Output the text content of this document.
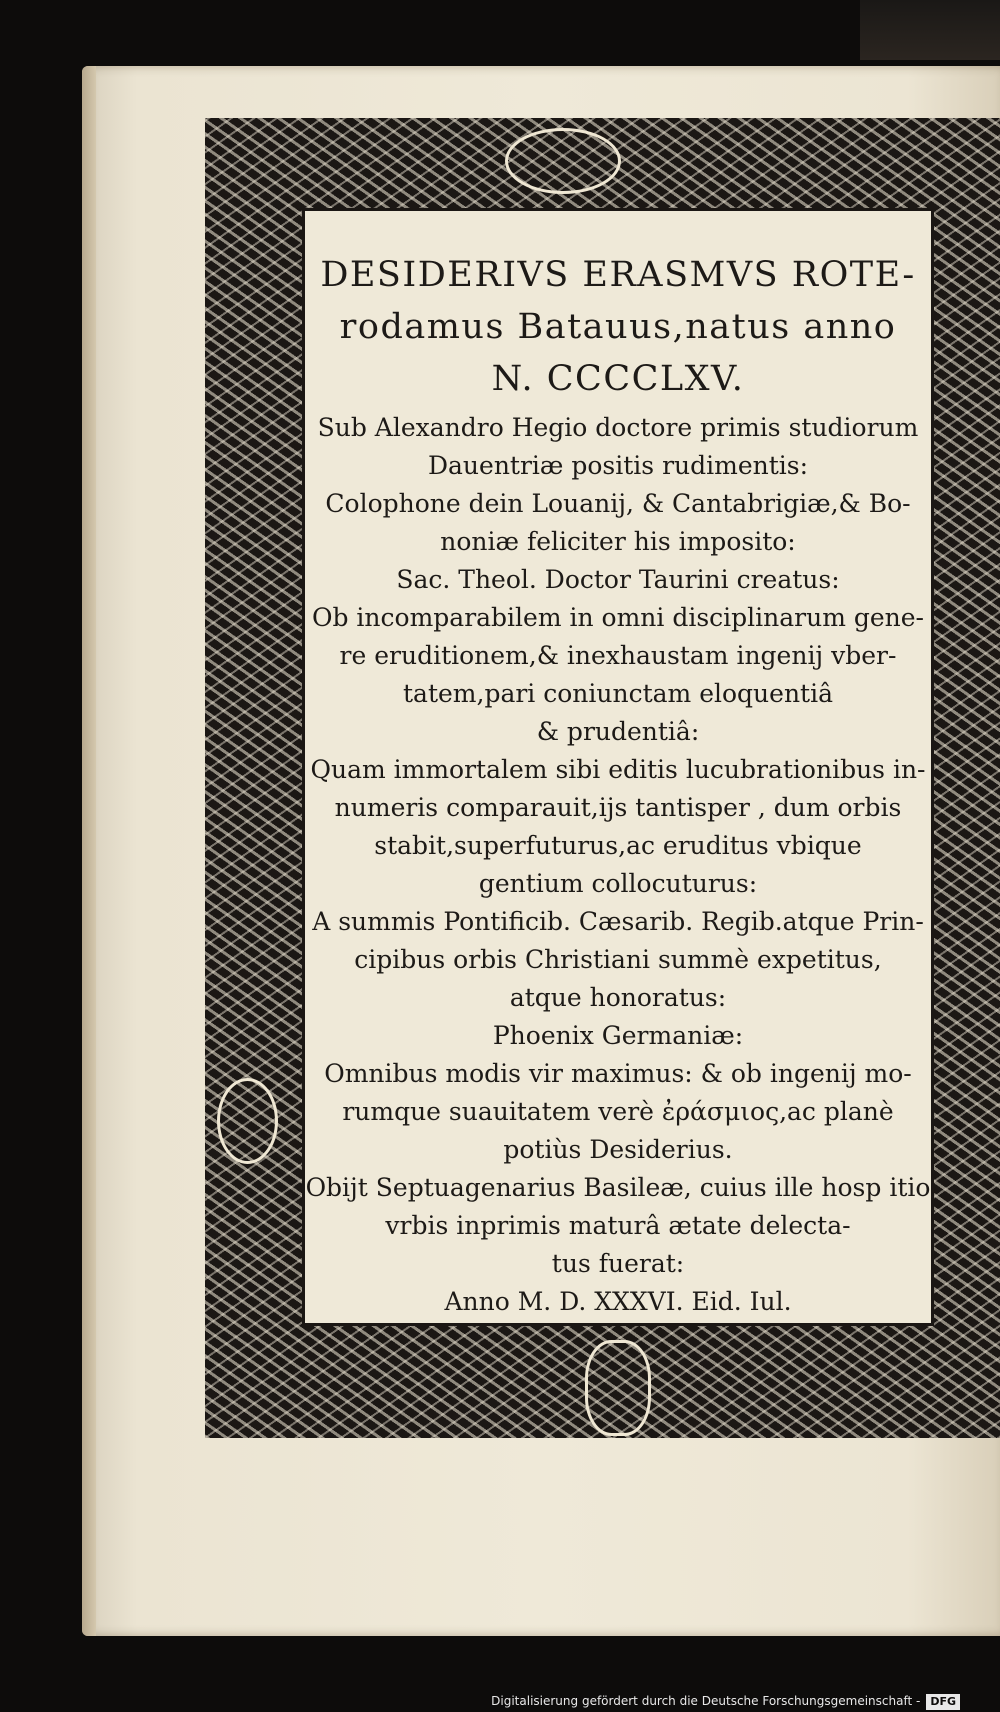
DESIDERIVS ERASMVS ROTE-

rodamus Batauus,natus anno

N. CCCCLXV.

Sub Alexandro Hegio doctore primis studiorum

Dauentriæ positis rudimentis:

Colophone dein Louanij, & Cantabrigiæ,& Bo-

noniæ feliciter his imposito:

Sac. Theol. Doctor Taurini creatus:

Ob incomparabilem in omni disciplinarum gene-

re eruditionem,& inexhaustam ingenij vber-

tatem,pari coniunctam eloquentiâ

& prudentiâ:

Quam immortalem sibi editis lucubrationibus in-

numeris comparauit,ijs tantisper , dum orbis

stabit,superfuturus,ac eruditus vbique

gentium collocuturus:

A summis Pontificib. Cæsarib. Regib.atque Prin-

cipibus orbis Christiani summè expetitus,

atque honoratus:

Phoenix Germaniæ:

Omnibus modis vir maximus: & ob ingenij mo-

rumque suauitatem verè ἐράσμιος,ac planè

potiùs Desiderius.

Obijt Septuagenarius Basileæ, cuius ille hosp itio

vrbis inprimis maturâ ætate delecta-

tus fuerat:

Anno M. D. XXXVI. Eid. Iul.

Digitalisierung gefördert durch die Deutsche Forschungsgemeinschaft - DFG
